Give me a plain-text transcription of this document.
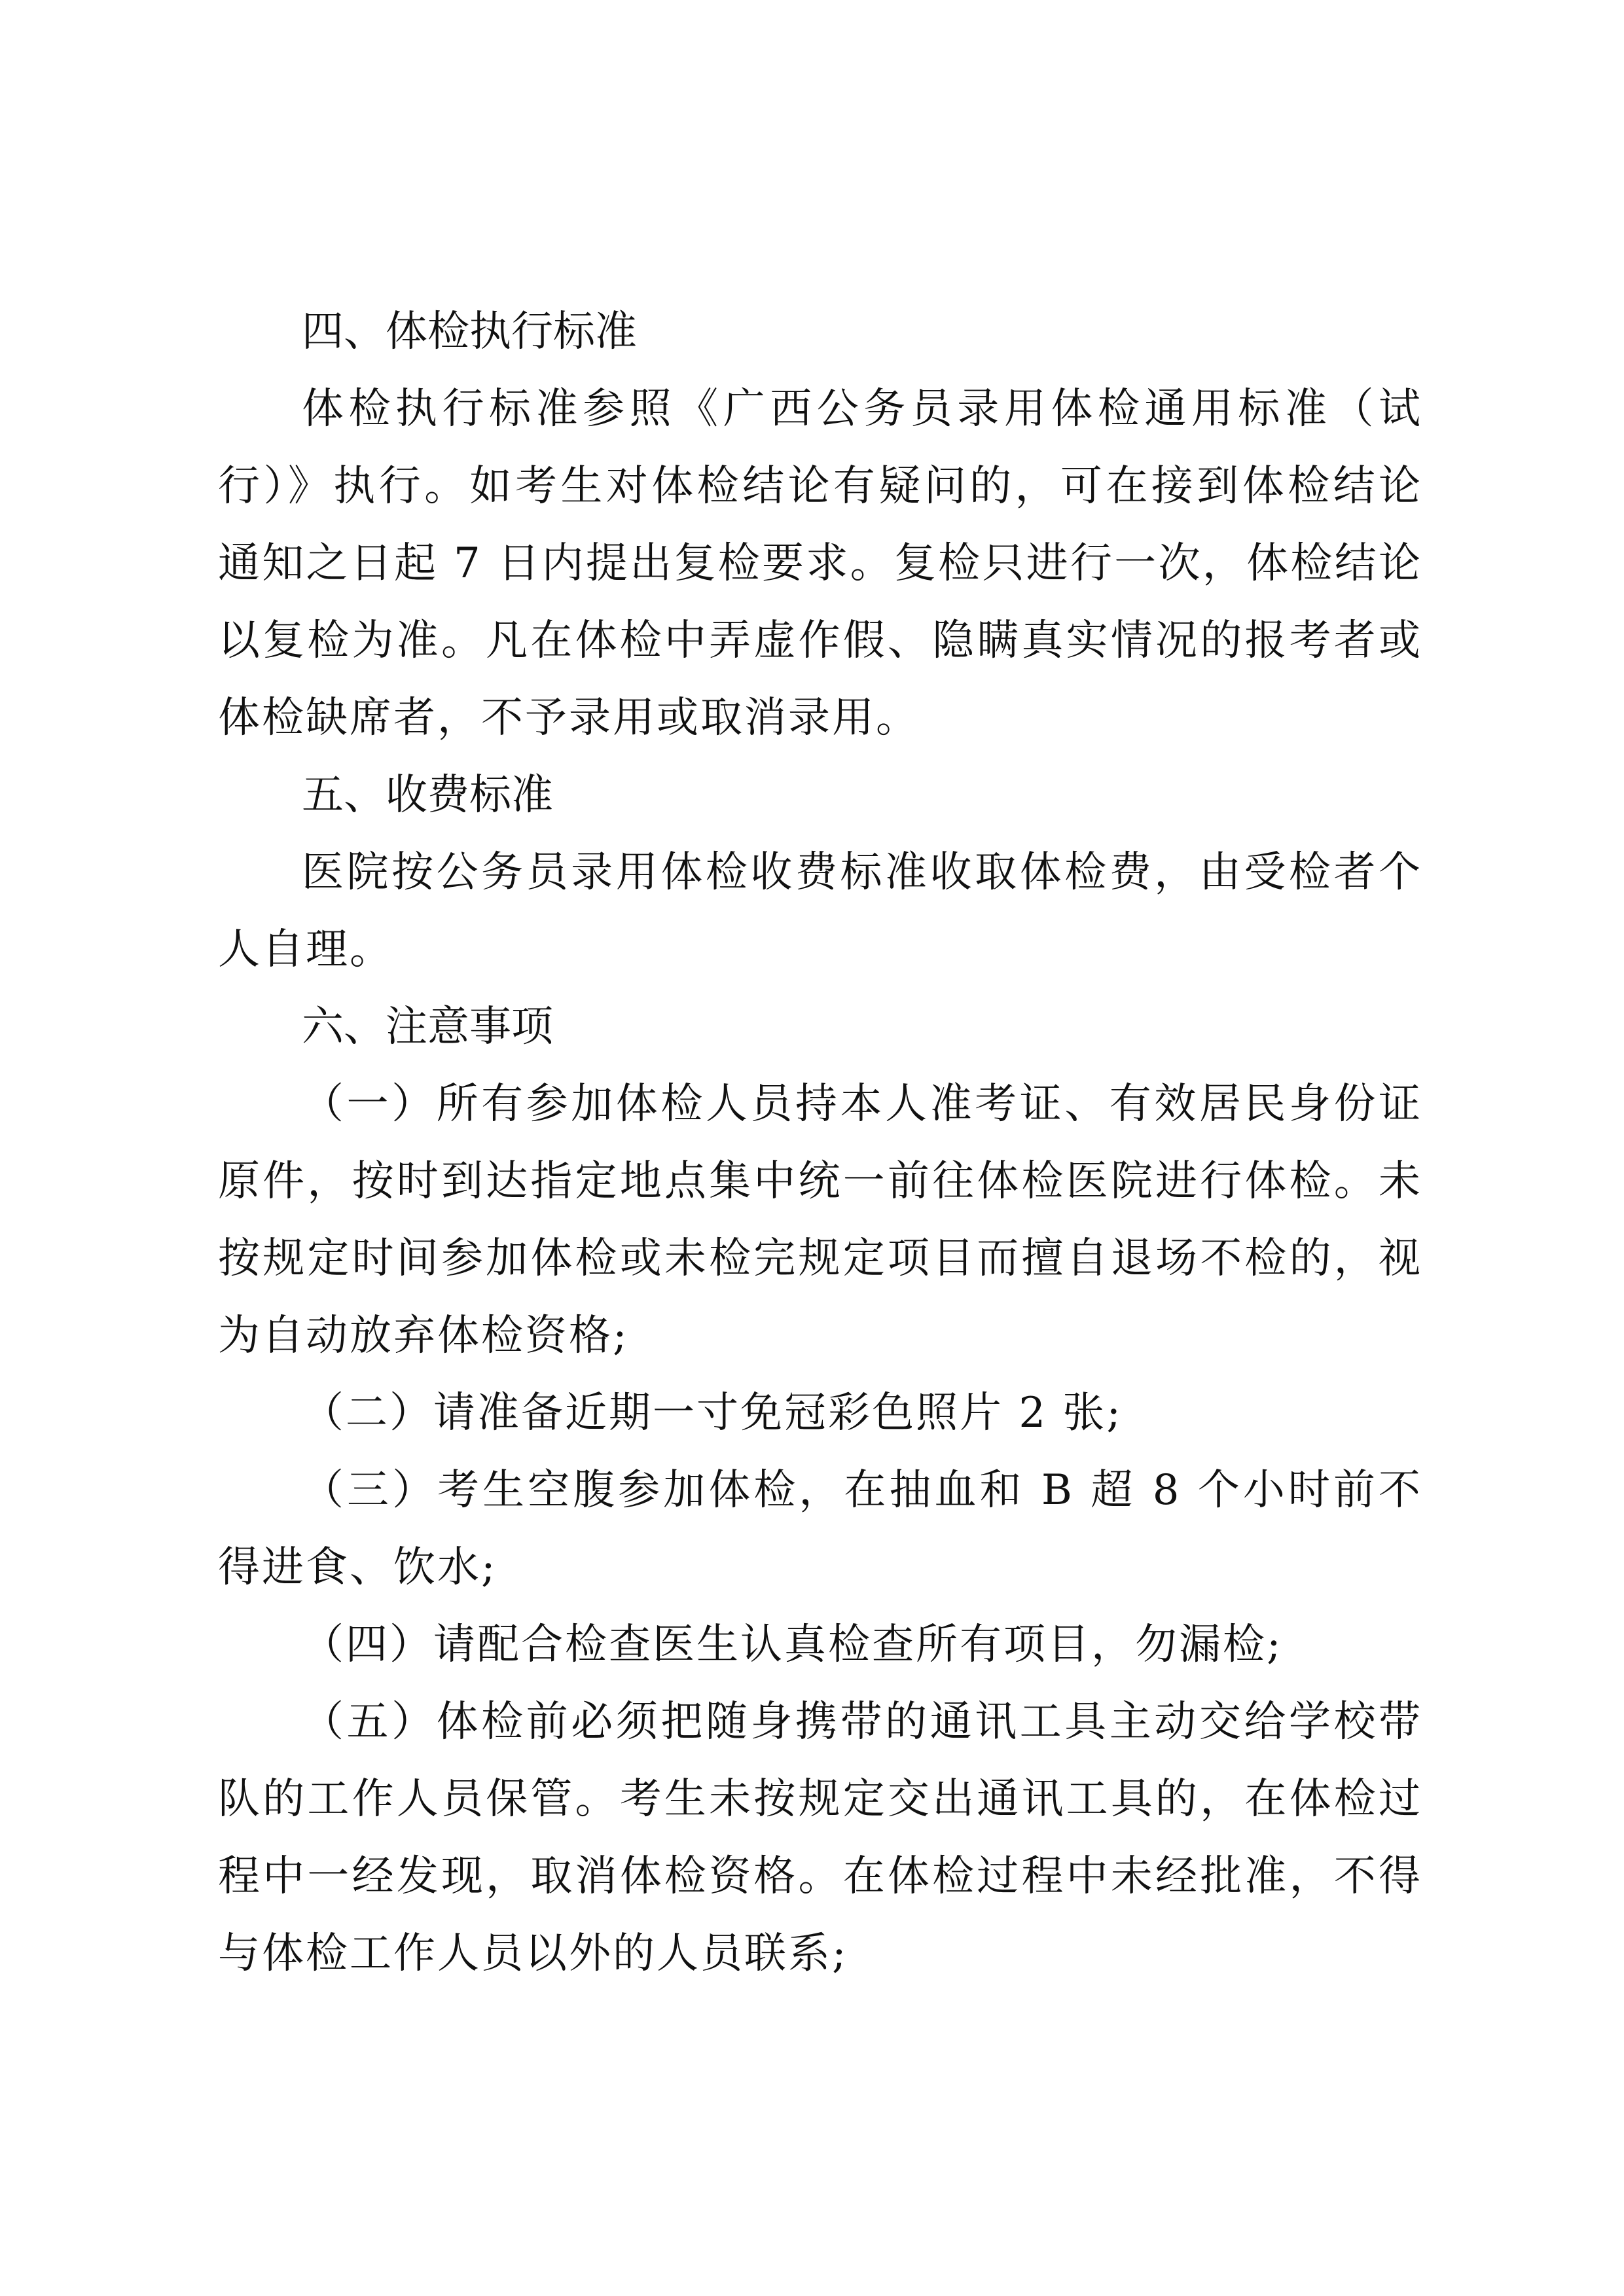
四、体检执行标准

体检执行标准参照《广西公务员录用体检通用标准（试行）》执行。如考生对体检结论有疑问的，可在接到体检结论通知之日起 7 日内提出复检要求。复检只进行一次，体检结论以复检为准。凡在体检中弄虚作假、隐瞒真实情况的报考者或体检缺席者，不予录用或取消录用。

五、收费标准

医院按公务员录用体检收费标准收取体检费，由受检者个人自理。

六、注意事项

（一）所有参加体检人员持本人准考证、有效居民身份证原件，按时到达指定地点集中统一前往体检医院进行体检。未按规定时间参加体检或未检完规定项目而擅自退场不检的，视为自动放弃体检资格;

（二）请准备近期一寸免冠彩色照片 2 张;

（三）考生空腹参加体检，在抽血和 B 超 8 个小时前不得进食、饮水;

（四）请配合检查医生认真检查所有项目，勿漏检;

（五）体检前必须把随身携带的通讯工具主动交给学校带队的工作人员保管。考生未按规定交出通讯工具的，在体检过程中一经发现，取消体检资格。在体检过程中未经批准，不得与体检工作人员以外的人员联系;
